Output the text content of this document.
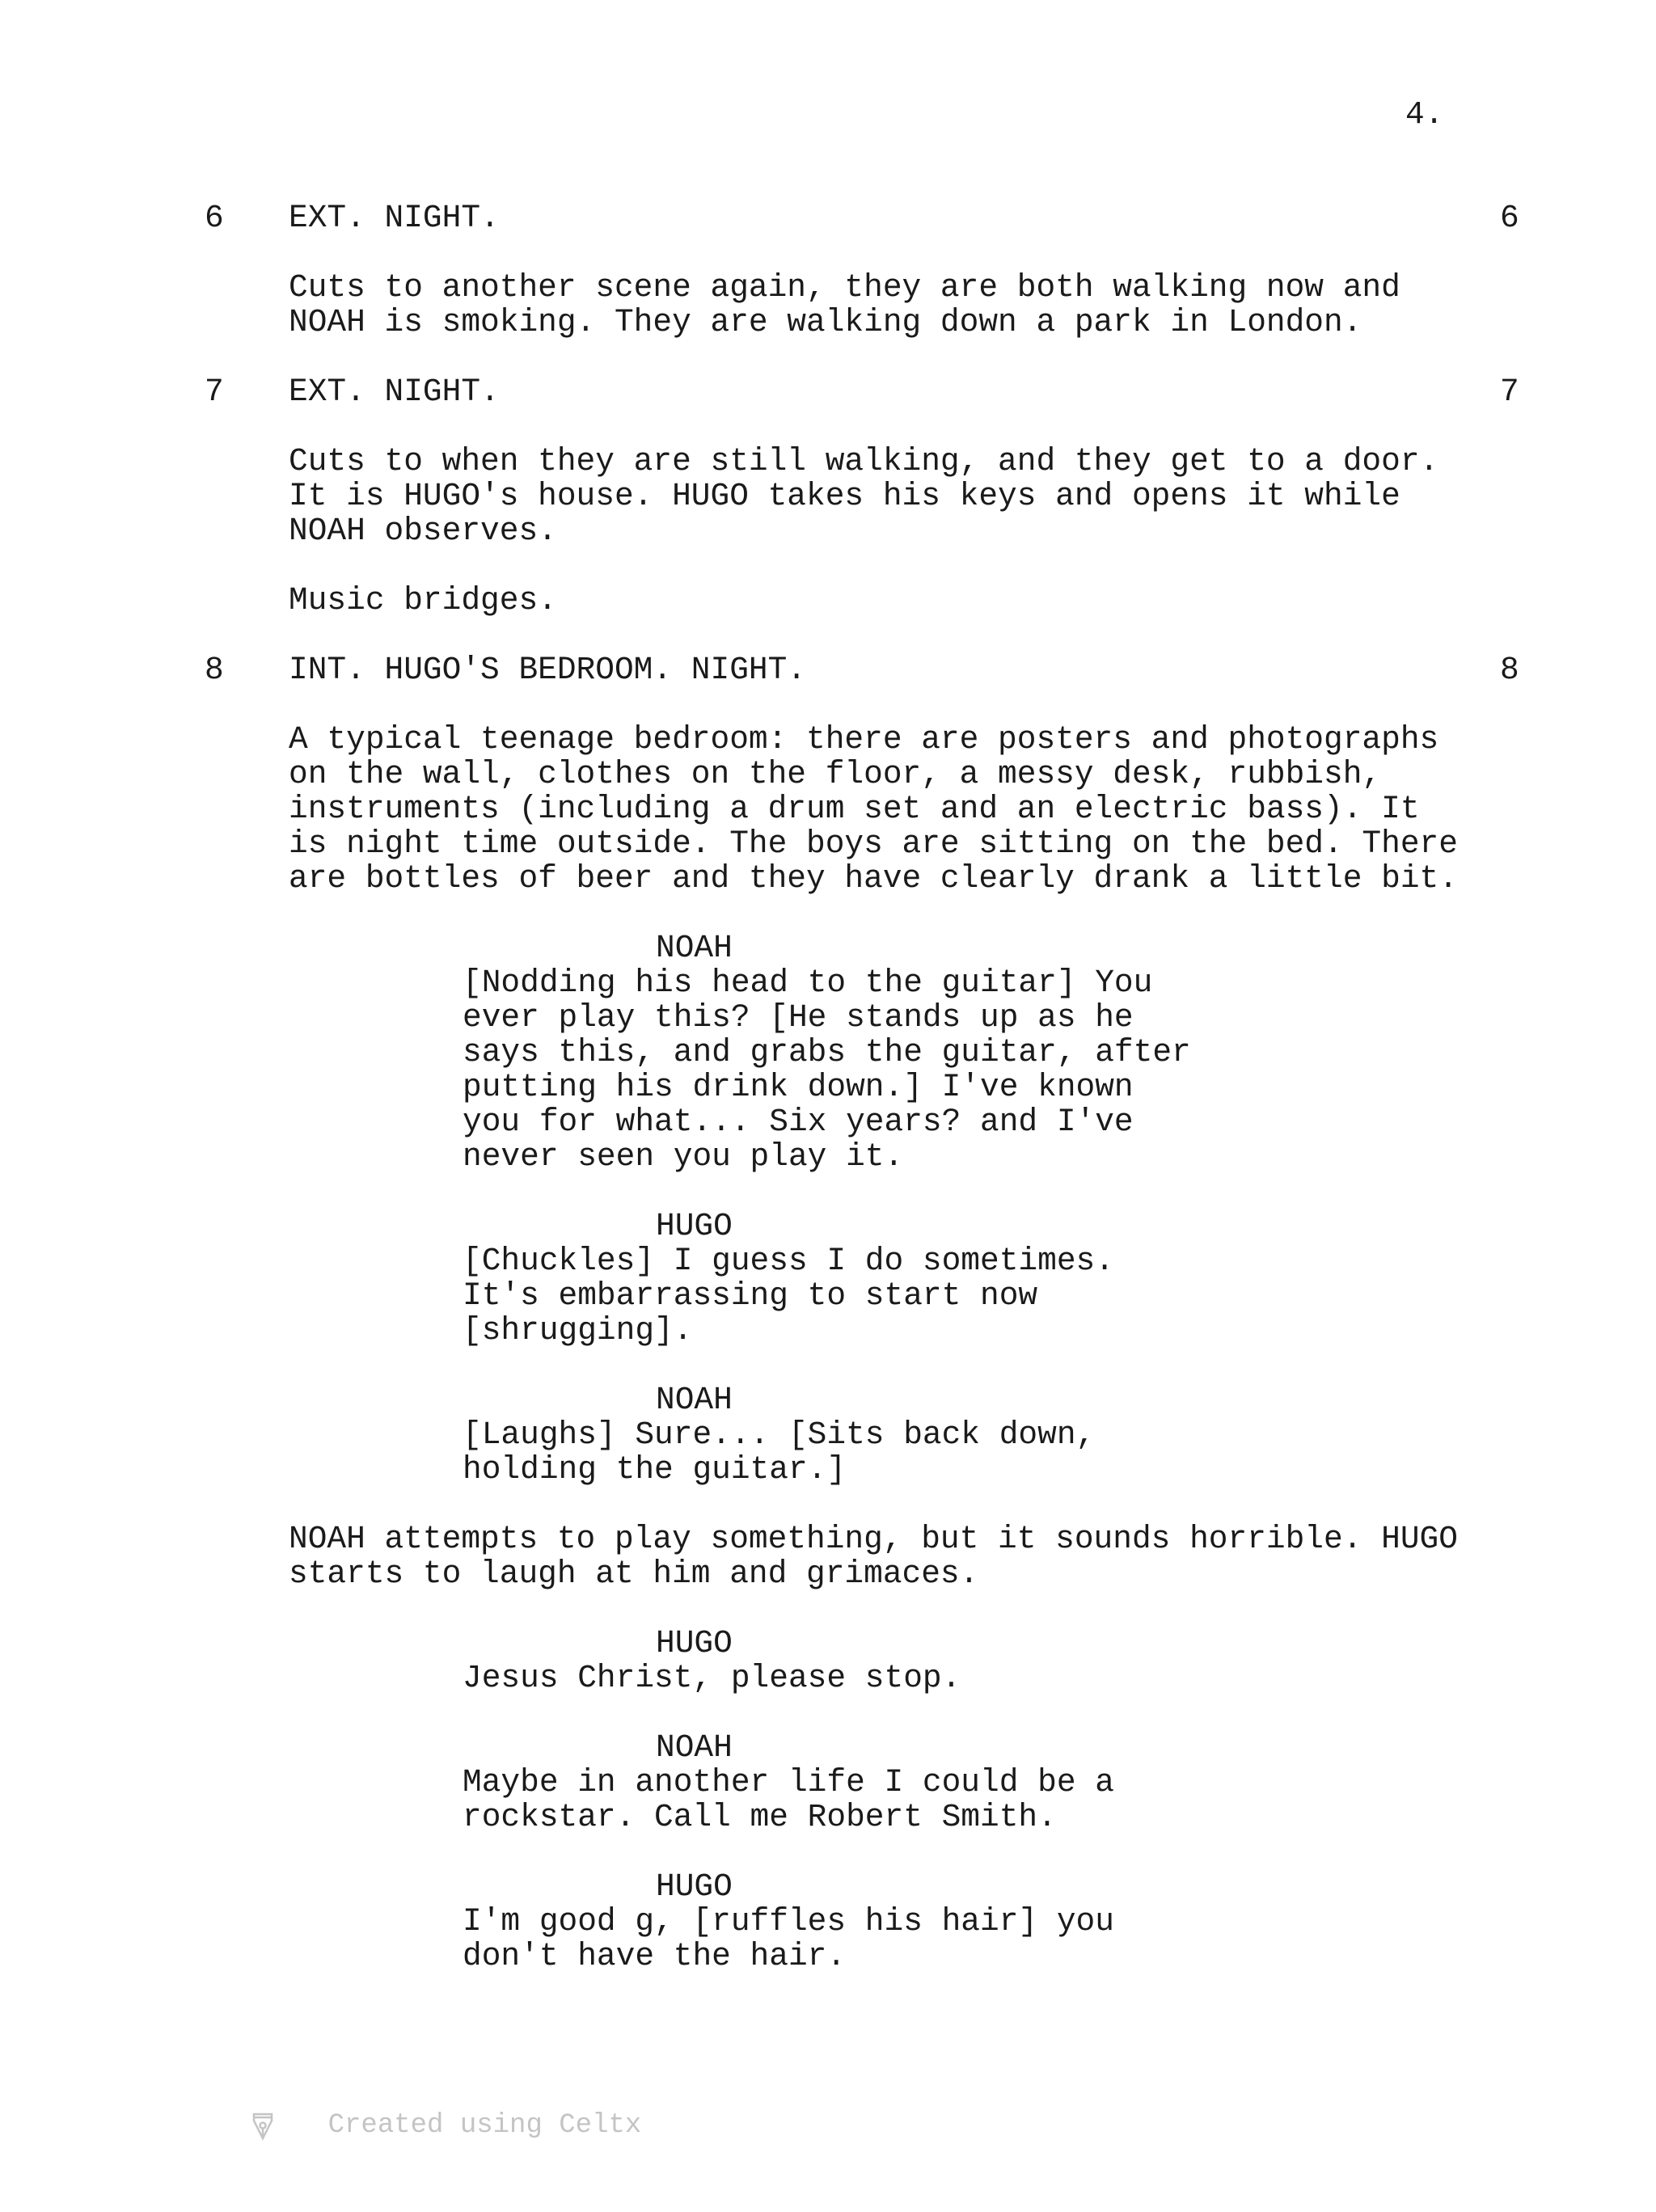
4.
6 EXT. NIGHT.	6
Cuts to another scene again, they are both walking now and
NOAH is smoking. They are walking down a park in London.
7 EXT. NIGHT.	7
Cuts to when they are still walking, and they get to a door.
It is HUGO's house. HUGO takes his keys and opens it while
NOAH observes.
Music bridges.
8 INT. HUGO'S BEDROOM. NIGHT.	8
A typical teenage bedroom: there are posters and photographs
on the wall, clothes on the floor, a messy desk, rubbish,
instruments (including a drum set and an electric bass). It
is night time outside. The boys are sitting on the bed. There
are bottles of beer and they have clearly drank a little bit.
NOAH
[Nodding his head to the guitar] You
ever play this? [He stands up as he
says this, and grabs the guitar, after
putting his drink down.] I've known
you for what... Six years? and I've
never seen you play it.
HUGO
[Chuckles] I guess I do sometimes.
It's embarrassing to start now
[shrugging].
NOAH
[Laughs] Sure... [Sits back down,
holding the guitar.]
NOAH attempts to play something, but it sounds horrible. HUGO
starts to laugh at him and grimaces.
HUGO
Jesus Christ, please stop.
NOAH
Maybe in another life I could be a
rockstar. Call me Robert Smith.
HUGO
I'm good g, [ruffles his hair] you
don't have the hair.

Created using Celtx
